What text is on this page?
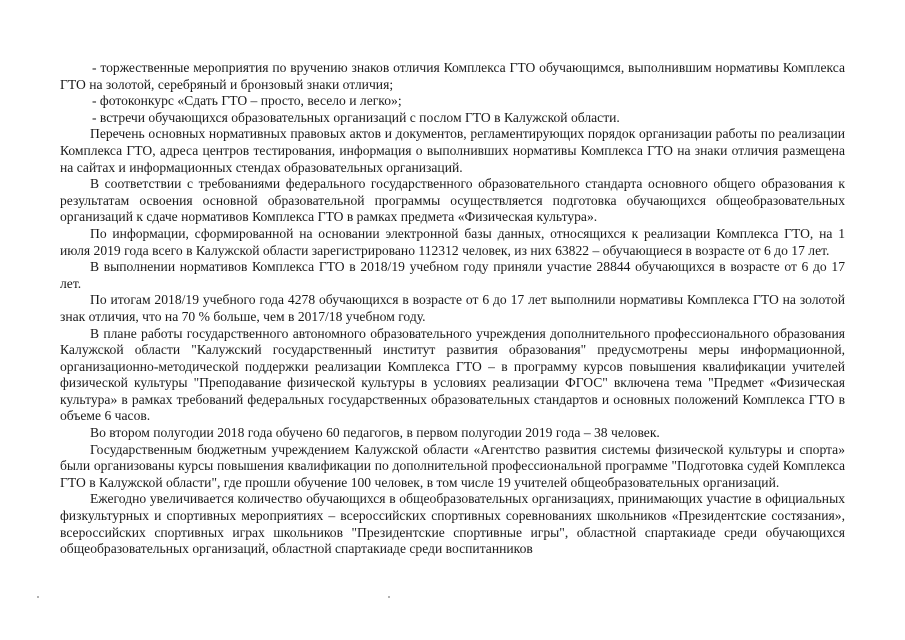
- торжественные мероприятия по вручению знаков отличия Комплекса ГТО обучающимся, выполнившим нормативы Комплекса ГТО на золотой, серебряный и бронзовый знаки отличия;

- фотоконкурс «Сдать ГТО – просто, весело и легко»;

- встречи обучающихся образовательных организаций с послом ГТО в Калужской области.

Перечень основных нормативных правовых актов и документов, регламентирующих порядок организации работы по реализации Комплекса ГТО, адреса центров тестирования, информация о выполнивших нормативы Комплекса ГТО на знаки отличия размещена на сайтах и информационных стендах образовательных организаций.

В соответствии с требованиями федерального государственного образовательного стандарта основного общего образования к результатам освоения основной образовательной программы осуществляется подготовка обучающихся общеобразовательных организаций к сдаче нормативов Комплекса ГТО в рамках предмета «Физическая культура».

По информации, сформированной на основании электронной базы данных, относящихся к реализации Комплекса ГТО, на 1 июля 2019 года всего в Калужской области зарегистрировано 112312 человек, из них 63822 – обучающиеся в возрасте от 6 до 17 лет.

В выполнении нормативов Комплекса ГТО в 2018/19 учебном году приняли участие 28844 обучающихся в возрасте от 6 до 17 лет.

По итогам 2018/19 учебного года 4278 обучающихся в возрасте от 6 до 17 лет выполнили нормативы Комплекса ГТО на золотой знак отличия, что на 70 % больше, чем в 2017/18 учебном году.

В плане работы государственного автономного образовательного учреждения дополнительного профессионального образования Калужской области "Калужский государственный институт развития образования" предусмотрены меры информационной, организационно-методической поддержки реализации Комплекса ГТО – в программу курсов повышения квалификации учителей физической культуры "Преподавание физической культуры в условиях реализации ФГОС" включена тема "Предмет «Физическая культура» в рамках требований федеральных государственных образовательных стандартов и основных положений Комплекса ГТО в объеме 6 часов.

Во втором полугодии 2018 года обучено 60 педагогов, в первом полугодии 2019 года – 38 человек.

Государственным бюджетным учреждением Калужской области «Агентство развития системы физической культуры и спорта» были организованы курсы повышения квалификации по дополнительной профессиональной программе "Подготовка судей Комплекса ГТО в Калужской области", где прошли обучение 100 человек, в том числе 19 учителей общеобразовательных организаций.

Ежегодно увеличивается количество обучающихся в общеобразовательных организациях, принимающих участие в официальных физкультурных и спортивных мероприятиях – всероссийских спортивных соревнованиях школьников «Президентские состязания», всероссийских спортивных играх школьников "Президентские спортивные игры", областной спартакиаде среди обучающихся общеобразовательных организаций, областной спартакиаде среди воспитанников
